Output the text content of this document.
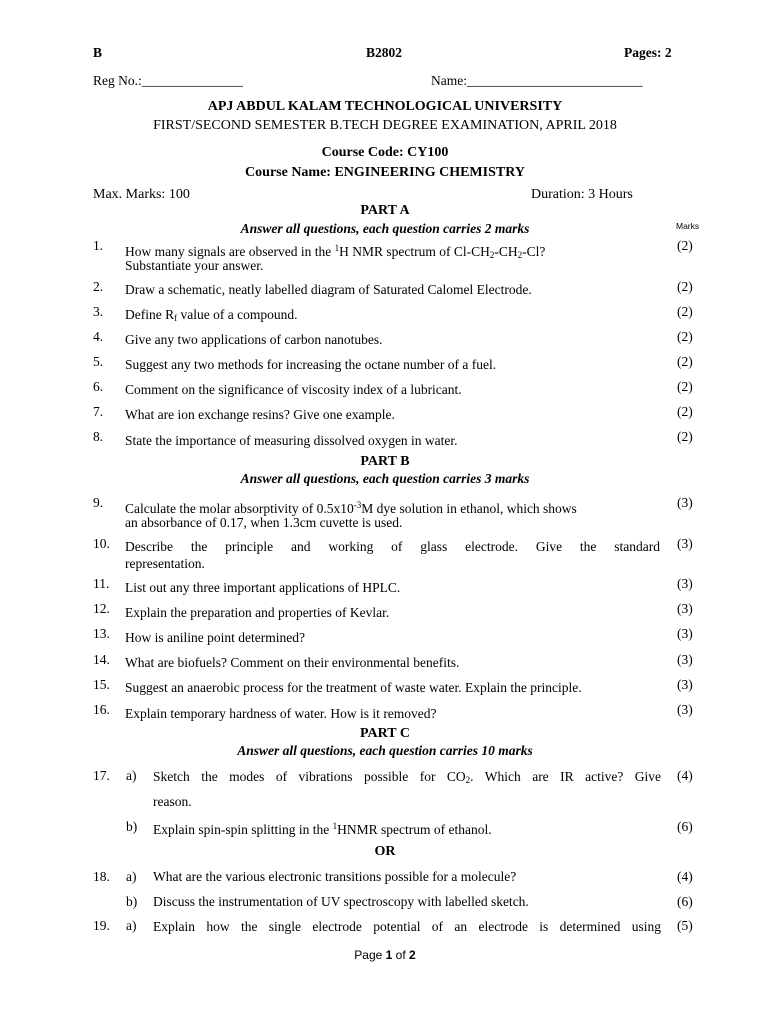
B	B2802	Pages: 2
Reg No.:_______________	Name:__________________________
APJ ABDUL KALAM TECHNOLOGICAL UNIVERSITY
FIRST/SECOND SEMESTER B.TECH DEGREE EXAMINATION, APRIL 2018
Course Code: CY100
Course Name: ENGINEERING CHEMISTRY
Max. Marks: 100	Duration: 3 Hours
PART A
Answer all questions, each question carries 2 marks	Marks
1. How many signals are observed in the $^1$H NMR spectrum of $Cl-CH_2-CH_2-Cl$?
Substantiate your answer.
(2)
2. Draw a schematic, neatly labelled diagram of Saturated Calomel Electrode.	(2)
3. Define $R_f$ value of a compound.	(2)
4. Give any two applications of carbon nanotubes.	(2)
5. Suggest any two methods for increasing the octane number of a fuel.	(2)
6. Comment on the significance of viscosity index of a lubricant.	(2)
7. What are ion exchange resins? Give one example.	(2)
8. State the importance of measuring dissolved oxygen in water.	(2)
PART B
Answer all questions, each question carries 3 marks
9. Calculate the molar absorptivity of $0.5x10^{-3}M$ dye solution in ethanol, which shows
an absorbance of 0.17, when 1.3cm cuvette is used.
(3)
10. Describe the principle and working of glass electrode. Give the standard
representation.
(3)
11. List out any three important applications of HPLC.	(3)
12. Explain the preparation and properties of Kevlar.	(3)
13. How is aniline point determined?	(3)
14. What are biofuels? Comment on their environmental benefits.	(3)
15. Suggest an anaerobic process for the treatment of waste water. Explain the principle.	(3)
16. Explain temporary hardness of water. How is it removed?	(3)
PART C
Answer all questions, each question carries 10 marks
17. a) Sketch the modes of vibrations possible for $CO_2$. Which are IR active? Give
reason.
(4)
b) Explain spin-spin splitting in the $^1$HNMR spectrum of ethanol.	(6)
OR
18. a) What are the various electronic transitions possible for a molecule?	(4)
b) Discuss the instrumentation of UV spectroscopy with labelled sketch.	(6)
19. a) Explain how the single electrode potential of an electrode is determined using (5)
Page 1 of 2
